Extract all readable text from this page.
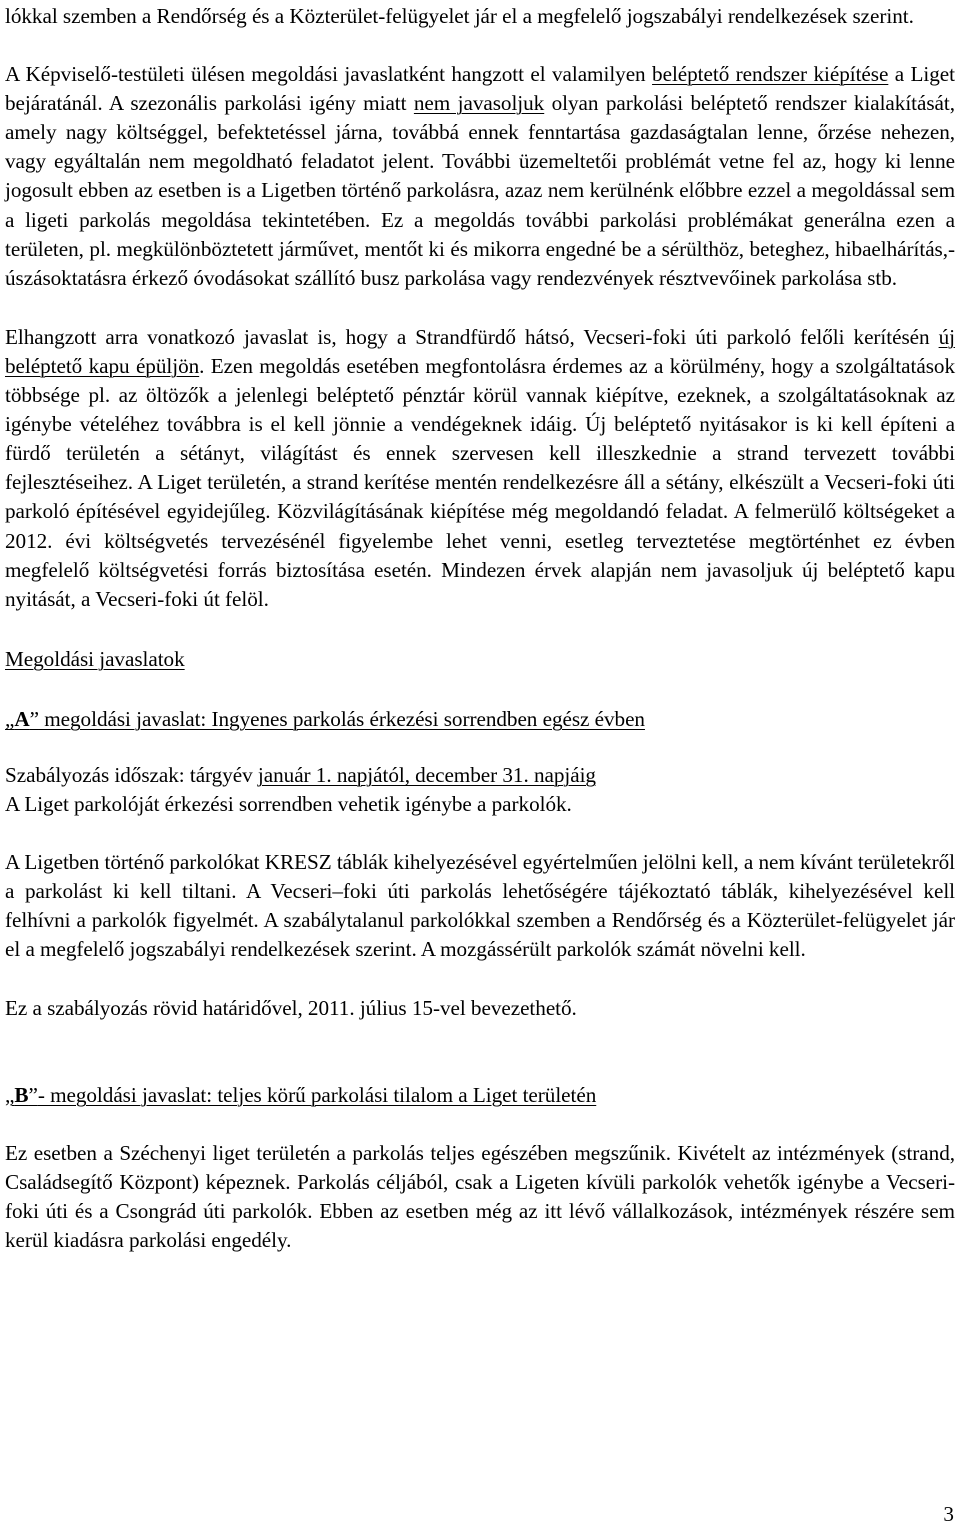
lókkal szemben a Rendőrség és a Közterület-felügyelet jár el a megfelelő jogszabályi rendelkezések szerint.

A Képviselő-testületi ülésen megoldási javaslatként hangzott el valamilyen beléptető rendszer kiépítése a Liget bejáratánál. A szezonális parkolási igény miatt nem javasoljuk olyan parkolási beléptető rendszer kialakítását, amely nagy költséggel, befektetéssel járna, továbbá ennek fenntartása gazdaságtalan lenne, őrzése nehezen, vagy egyáltalán nem megoldható feladatot jelent. További üzemeltetői problémát vetne fel az, hogy ki lenne jogosult ebben az esetben is a Ligetben történő parkolásra, azaz nem kerülnénk előbbre ezzel a megoldással sem a ligeti parkolás megoldása tekintetében. Ez a megoldás további parkolási problémákat generálna ezen a területen, pl. megkülönböztetett járművet, mentőt ki és mikorra engedné be a sérülthöz, beteghez, hibaelhárítás,- úszásoktatásra érkező óvodásokat szállító busz parkolása vagy rendezvények résztvevőinek parkolása stb.

Elhangzott arra vonatkozó javaslat is, hogy a Strandfürdő hátsó, Vecseri-foki úti parkoló felőli kerítésén új beléptető kapu épüljön. Ezen megoldás esetében megfontolásra érdemes az a körülmény, hogy a szolgáltatások többsége pl. az öltözők a jelenlegi beléptető pénztár körül vannak kiépítve, ezeknek, a szolgáltatásoknak az igénybe vételéhez továbbra is el kell jönnie a vendégeknek idáig. Új beléptető nyitásakor is ki kell építeni a fürdő területén a sétányt, világítást és ennek szervesen kell illeszkednie a strand tervezett további fejlesztéseihez. A Liget területén, a strand kerítése mentén rendelkezésre áll a sétány, elkészült a Vecseri-foki úti parkoló építésével egyidejűleg. Közvilágításának kiépítése még megoldandó feladat. A felmerülő költségeket a 2012. évi költségvetés tervezésénél figyelembe lehet venni, esetleg terveztetése megtörténhet ez évben megfelelő költségvetési forrás biztosítása esetén. Mindezen érvek alapján nem javasoljuk új beléptető kapu nyitását, a Vecseri-foki út felöl.

Megoldási javaslatok

„A” megoldási javaslat: Ingyenes parkolás érkezési sorrendben egész évben

Szabályozás időszak: tárgyév január 1. napjától, december 31. napjáig

A Liget parkolóját érkezési sorrendben vehetik igénybe a parkolók.

A Ligetben történő parkolókat KRESZ táblák kihelyezésével egyértelműen jelölni kell, a nem kívánt területekről a parkolást ki kell tiltani. A Vecseri–foki úti parkolás lehetőségére tájékoztató táblák, kihelyezésével kell felhívni a parkolók figyelmét. A szabálytalanul parkolókkal szemben a Rendőrség és a Közterület-felügyelet jár el a megfelelő jogszabályi rendelkezések szerint. A mozgássérült parkolók számát növelni kell.

Ez a szabályozás rövid határidővel, 2011. július 15-vel bevezethető.

„B”- megoldási javaslat: teljes körű parkolási tilalom a Liget területén

Ez esetben a Széchenyi liget területén a parkolás teljes egészében megszűnik. Kivételt az intézmények (strand, Családsegítő Központ) képeznek. Parkolás céljából, csak a Ligeten kívüli parkolók vehetők igénybe a Vecseri-foki úti és a Csongrád úti parkolók. Ebben az esetben még az itt lévő vállalkozások, intézmények részére sem kerül kiadásra parkolási engedély.

3
